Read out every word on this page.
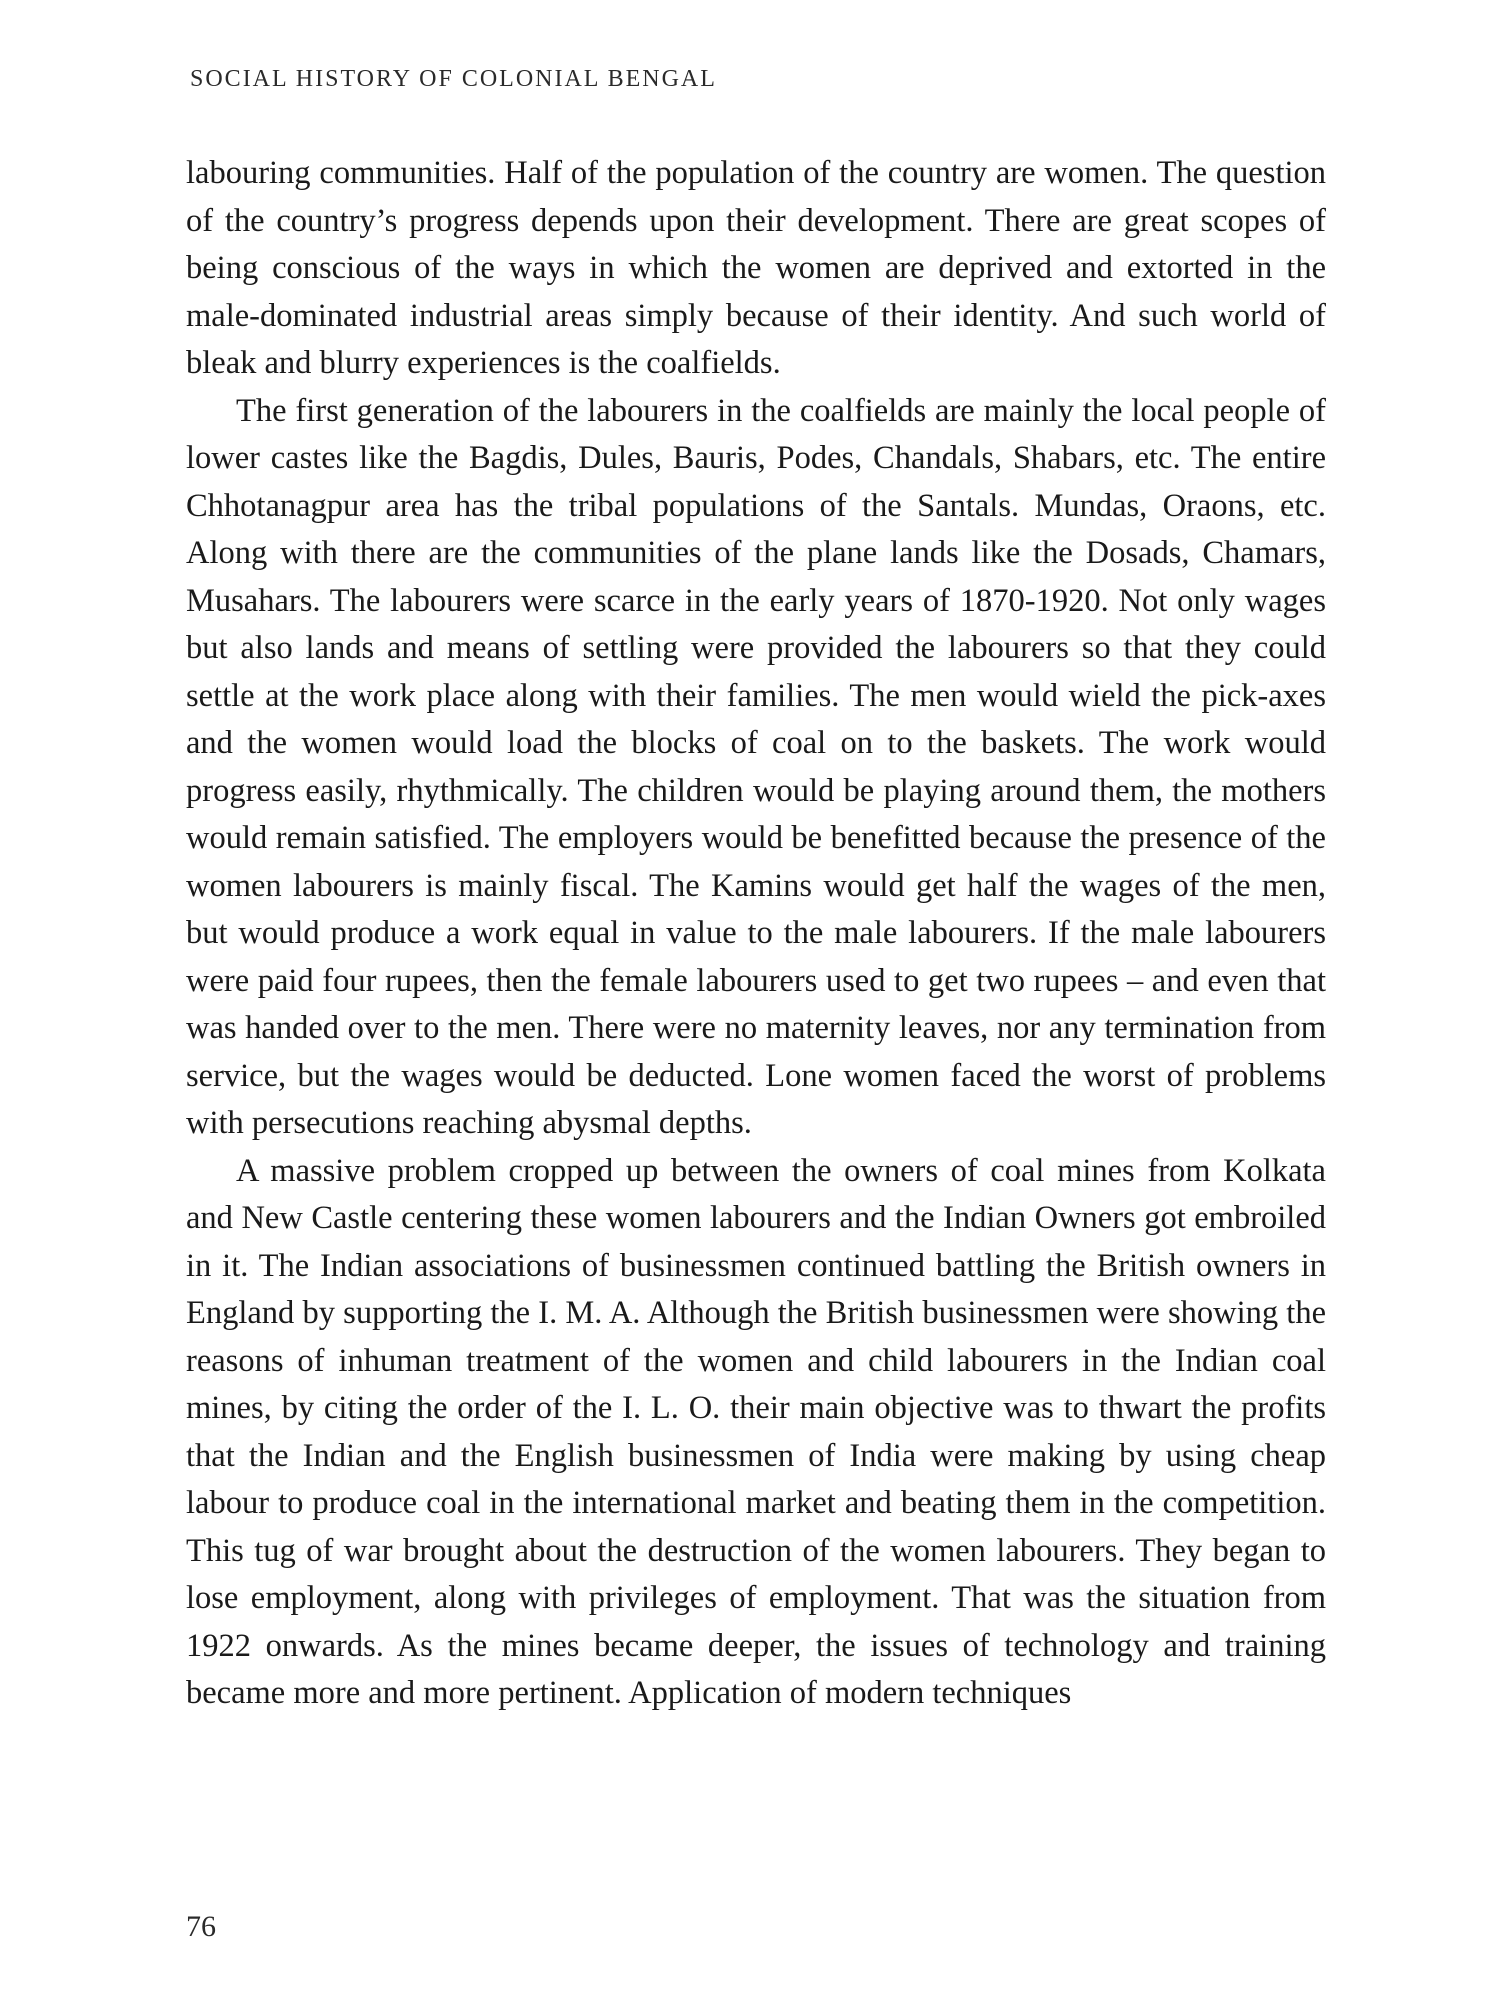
SOCIAL HISTORY OF COLONIAL BENGAL

labouring communities. Half of the population of the country are women. The question of the country’s progress depends upon their development. There are great scopes of being conscious of the ways in which the women are deprived and extorted in the male-dominated industrial areas simply because of their identity. And such world of bleak and blurry experiences is the coalfields.

The first generation of the labourers in the coalfields are mainly the local people of lower castes like the Bagdis, Dules, Bauris, Podes, Chandals, Shabars, etc. The entire Chhotanagpur area has the tribal populations of the Santals. Mundas, Oraons, etc. Along with there are the communities of the plane lands like the Dosads, Chamars, Musahars. The labourers were scarce in the early years of 1870-1920. Not only wages but also lands and means of settling were provided the labourers so that they could settle at the work place along with their families. The men would wield the pick-axes and the women would load the blocks of coal on to the baskets. The work would progress easily, rhythmically. The children would be playing around them, the mothers would remain satisfied. The employers would be benefitted because the presence of the women labourers is mainly fiscal. The Kamins would get half the wages of the men, but would produce a work equal in value to the male labourers. If the male labourers were paid four rupees, then the female labourers used to get two rupees – and even that was handed over to the men. There were no maternity leaves, nor any termination from service, but the wages would be deducted. Lone women faced the worst of problems with persecutions reaching abysmal depths.

A massive problem cropped up between the owners of coal mines from Kolkata and New Castle centering these women labourers and the Indian Owners got embroiled in it. The Indian associations of businessmen continued battling the British owners in England by supporting the I. M. A. Although the British businessmen were showing the reasons of inhuman treatment of the women and child labourers in the Indian coal mines, by citing the order of the I. L. O. their main objective was to thwart the profits that the Indian and the English businessmen of India were making by using cheap labour to produce coal in the international market and beating them in the competition. This tug of war brought about the destruction of the women labourers. They began to lose employment, along with privileges of employment. That was the situation from 1922 onwards. As the mines became deeper, the issues of technology and training became more and more pertinent. Application of modern techniques

76
